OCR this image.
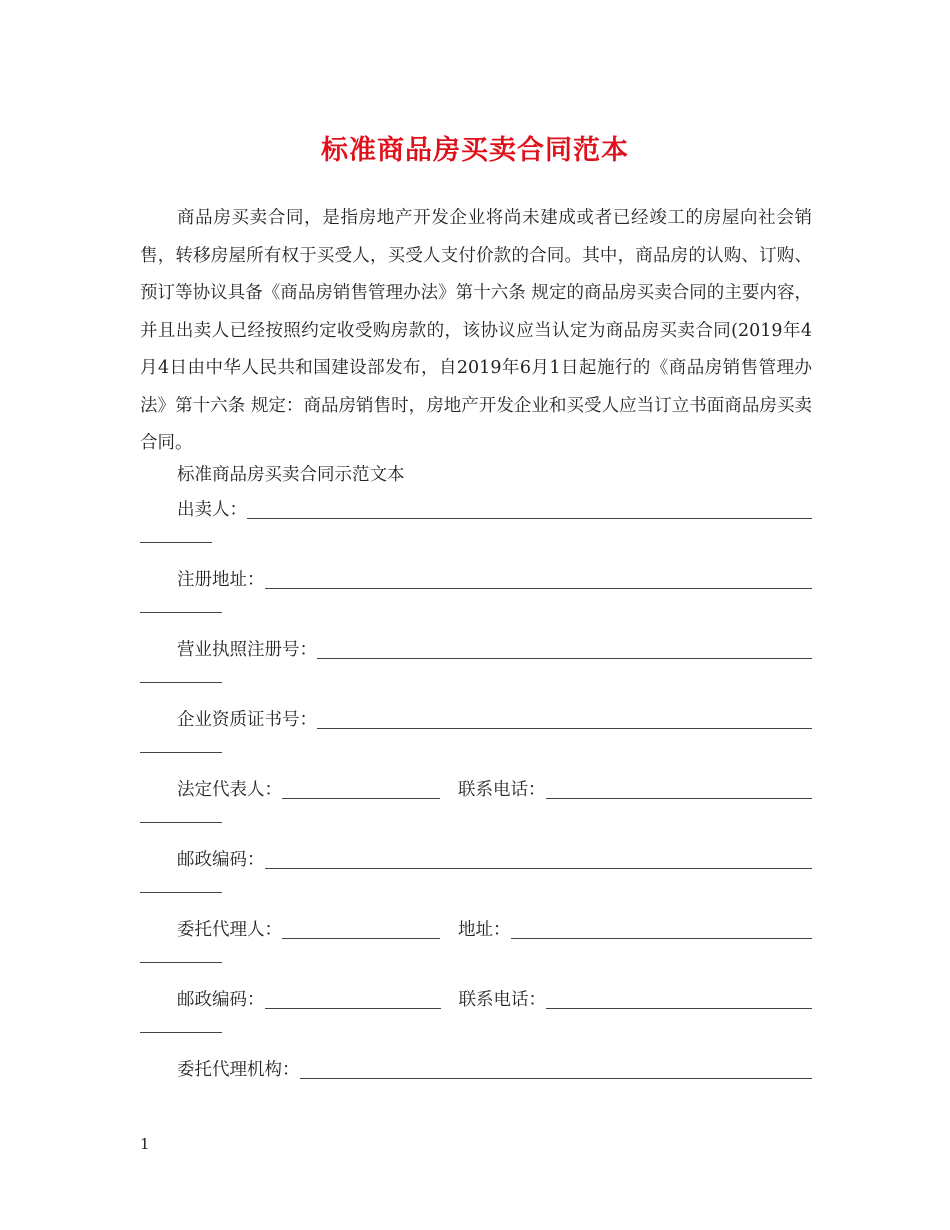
标准商品房买卖合同范本

商品房买卖合同，是指房地产开发企业将尚未建成或者已经竣工的房屋向社会销售，转移房屋所有权于买受人，买受人支付价款的合同。其中，商品房的认购、订购、预订等协议具备《商品房销售管理办法》第十六条 规定的商品房买卖合同的主要内容，并且出卖人已经按照约定收受购房款的，该协议应当认定为商品房买卖合同(2019年4月4日由中华人民共和国建设部发布，自2019年6月1日起施行的《商品房销售管理办法》第十六条 规定：商品房销售时，房地产开发企业和买受人应当订立书面商品房买卖合同。

标准商品房买卖合同示范文本
出卖人：
注册地址：
营业执照注册号：
企业资质证书号：
法定代表人：	联系电话：
邮政编码：
委托代理人：	地址：
邮政编码：	联系电话：
委托代理机构：
1
